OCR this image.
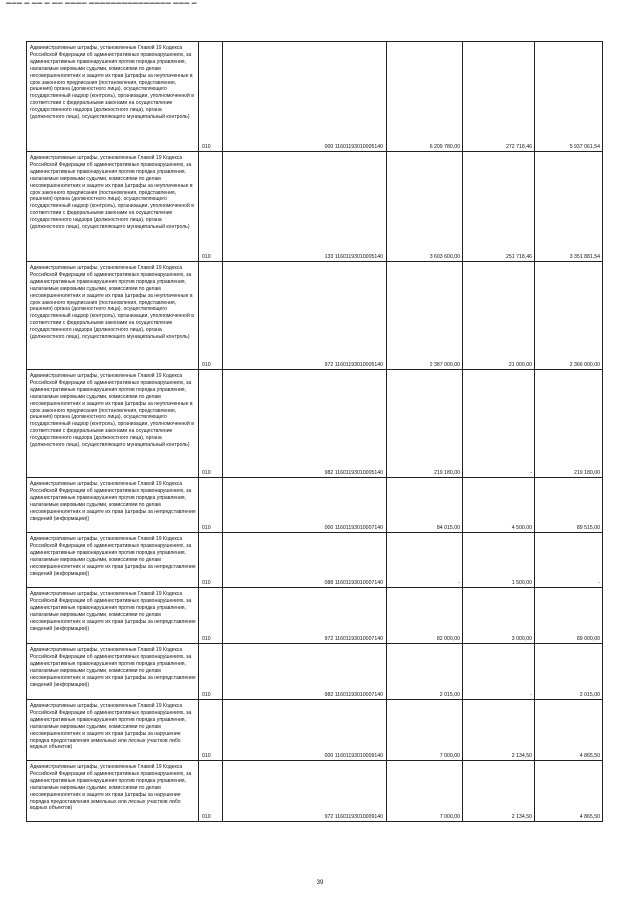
▬▬▬ ▬ ▬▬ ▬ ▬▬ ▬▬▬▬ ▬▬▬▬▬▬▬▬▬▬▬▬▬▬▬ ▬▬▬ ▬
Административные штрафы, установленные Главой 19 Кодекса Российской Федерации об административных правонарушениях, за административные правонарушения против порядка управления, налагаемые мировыми судьями, комиссиями по делам несовершеннолетних и защите их прав (штрафы за неуплаченные в срок законного предписания (постановления, представления, решения) органа (должностного лица), осуществляющего государственный надзор (контроль), организации, уполномоченной в соответствии с федеральными законами на осуществление государственного надзора (должностного лица), органа (должностного лица), осуществляющего муниципальный контроль)	010	000 11601193010005140	6 209 780,00	272 718,46	5 937 061,54
Административные штрафы, установленные Главой 19 Кодекса Российской Федерации об административных правонарушениях, за административные правонарушения против порядка управления, налагаемые мировыми судьями, комиссиями по делам несовершеннолетних и защите их прав (штрафы за неуплаченные в срок законного предписания (постановления, представления, решения) органа (должностного лица), осуществляющего государственный надзор (контроль), организации, уполномоченной в соответствии с федеральными законами на осуществление государственного надзора (должностного лица), органа (должностного лица), осуществляющего муниципальный контроль)	010	133 11601193010005140	3 603 600,00	251 718,46	3 351 881,54
Административные штрафы, установленные Главой 19 Кодекса Российской Федерации об административных правонарушениях, за административные правонарушения против порядка управления, налагаемые мировыми судьями, комиссиями по делам несовершеннолетних и защите их прав (штрафы за неуплаченные в срок законного предписания (постановления, представления, решения) органа (должностного лица), осуществляющего государственный надзор (контроль), организации, уполномоченной в соответствии с федеральными законами на осуществление государственного надзора (должностного лица), органа (должностного лица), осуществляющего муниципальный контроль)	010	972 11601193010005140	2 387 000,00	21 000,00	2 366 000,00
Административные штрафы, установленные Главой 19 Кодекса Российской Федерации об административных правонарушениях, за административные правонарушения против порядка управления, налагаемые мировыми судьями, комиссиями по делам несовершеннолетних и защите их прав (штрафы за неуплаченные в срок законного предписания (постановления, представления, решения) органа (должностного лица), осуществляющего государственный надзор (контроль), организации, уполномоченной в соответствии с федеральными законами на осуществление государственного надзора (должностного лица), органа (должностного лица), осуществляющего муниципальный контроль)	010	982 11601193010005140	219 180,00	-	219 180,00
Административные штрафы, установленные Главой 19 Кодекса Российской Федерации об административных правонарушениях, за административные правонарушения против порядка управления, налагаемые мировыми судьями, комиссиями по делам несовершеннолетних и защите их прав (штрафы за непредставление сведений (информации))	010	000 11601193010007140	84 015,00	4 500,00	89 515,00
Административные штрафы, установленные Главой 19 Кодекса Российской Федерации об административных правонарушениях, за административные правонарушения против порядка управления, налагаемые мировыми судьями, комиссиями по делам несовершеннолетних и защите их прав (штрафы за непредставление сведений (информации))	010	088 11601193010007140	-	1 500,00	-
Административные штрафы, установленные Главой 19 Кодекса Российской Федерации об административных правонарушениях, за административные правонарушения против порядка управления, налагаемые мировыми судьями, комиссиями по делам несовершеннолетних и защите их прав (штрафы за непредставление сведений (информации))	010	972 11601193010007140	82 000,00	3 000,00	89 000,00
Административные штрафы, установленные Главой 19 Кодекса Российской Федерации об административных правонарушениях, за административные правонарушения против порядка управления, налагаемые мировыми судьями, комиссиями по делам несовершеннолетних и защите их прав (штрафы за непредставление сведений (информации))	010	982 11601193010007140	2 015,00	-	2 015,00
Административные штрафы, установленные Главой 19 Кодекса Российской Федерации об административных правонарушениях, за административные правонарушения против порядка управления, налагаемые мировыми судьями, комиссиями по делам несовершеннолетних и защите их прав (штрафы за нарушение порядка предоставления земельных или лесных участков либо водных объектов)	010	000 11601193010009140	7 000,00	2 134,50	4 865,50
Административные штрафы, установленные Главой 19 Кодекса Российской Федерации об административных правонарушениях, за административные правонарушения против порядка управления, налагаемые мировыми судьями, комиссиями по делам несовершеннолетних и защите их прав (штрафы за нарушение порядка предоставления земельных или лесных участков либо водных объектов)	010	972 11601193010009140	7 000,00	2 134,50	4 865,50
39
